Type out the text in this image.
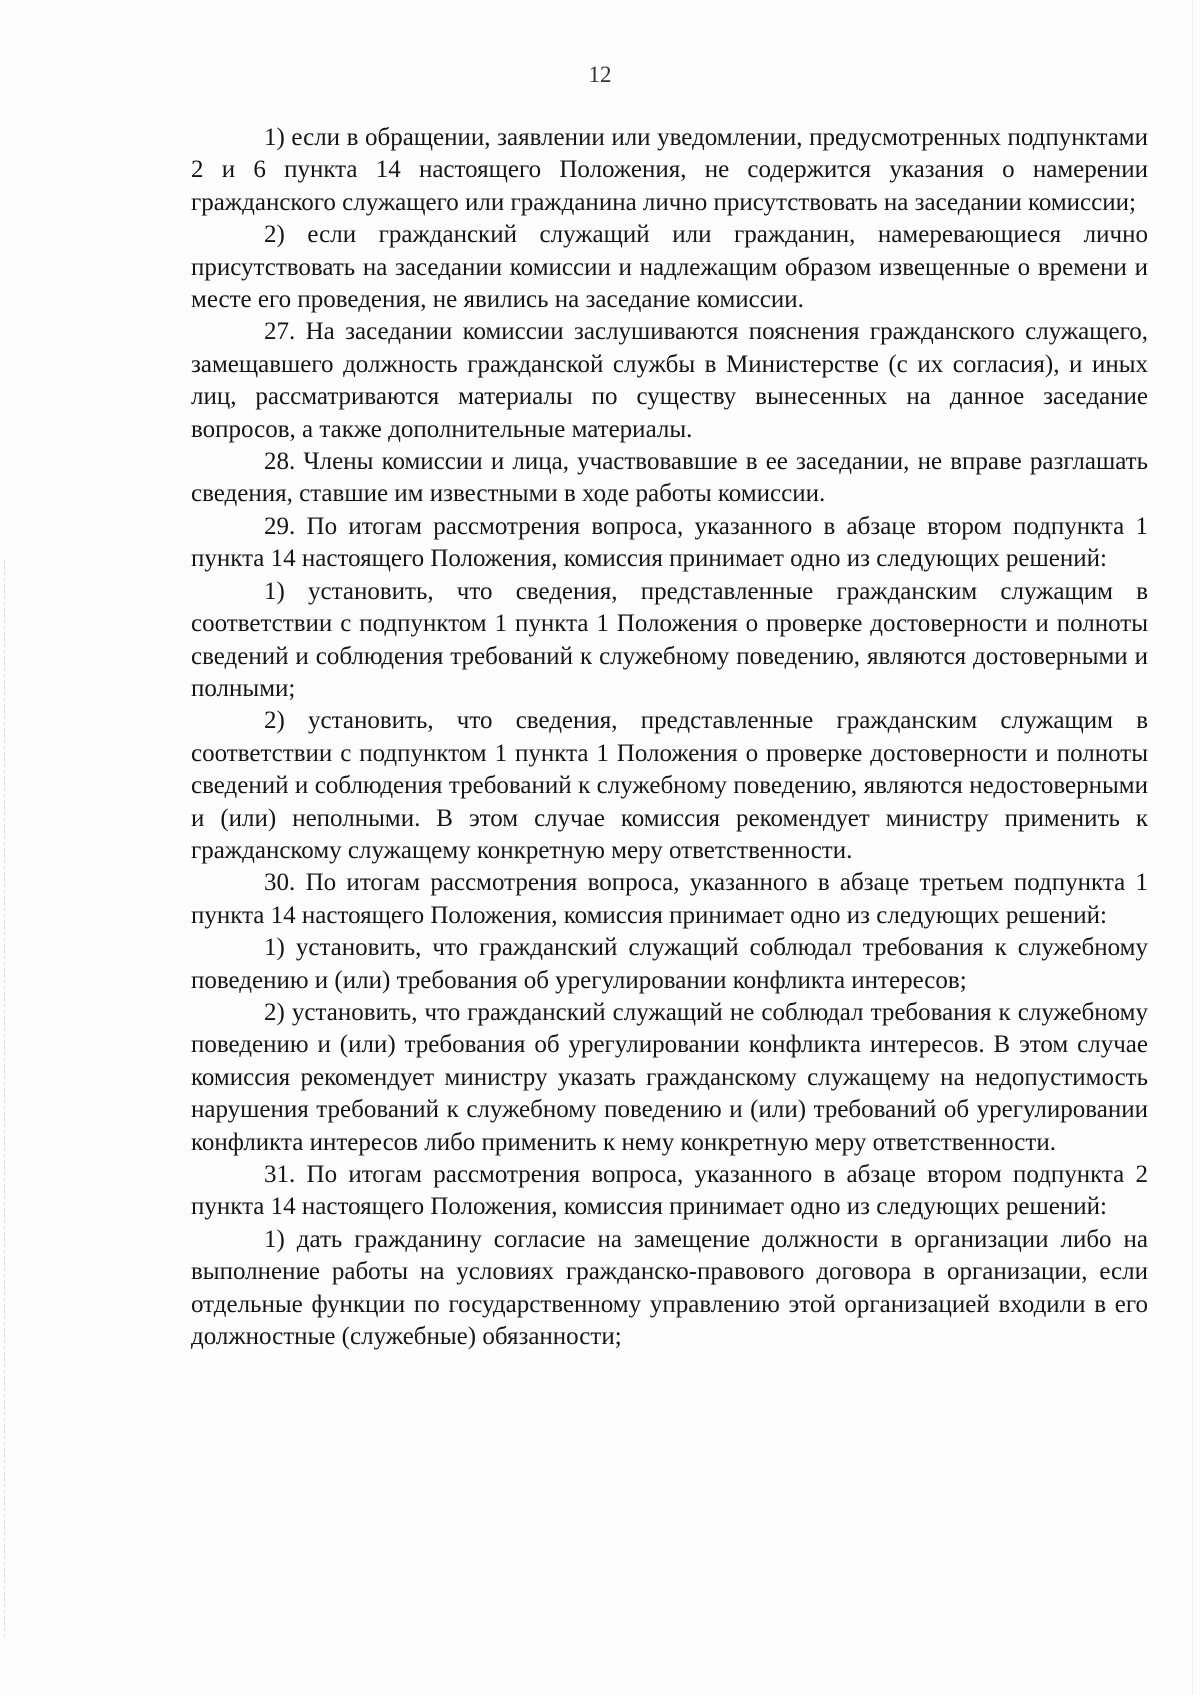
12

1) если в обращении, заявлении или уведомлении, предусмотренных подпунктами 2 и 6 пункта 14 настоящего Положения, не содержится указания о намерении гражданского служащего или гражданина лично присутствовать на заседании комиссии;

2) если гражданский служащий или гражданин, намеревающиеся лично присутствовать на заседании комиссии и надлежащим образом извещенные о времени и месте его проведения, не явились на заседание комиссии.

27. На заседании комиссии заслушиваются пояснения гражданского служащего, замещавшего должность гражданской службы в Министерстве (с их согласия), и иных лиц, рассматриваются материалы по существу вынесенных на данное заседание вопросов, а также дополнительные материалы.

28. Члены комиссии и лица, участвовавшие в ее заседании, не вправе разглашать сведения, ставшие им известными в ходе работы комиссии.

29. По итогам рассмотрения вопроса, указанного в абзаце втором подпункта 1 пункта 14 настоящего Положения, комиссия принимает одно из следующих решений:

1) установить, что сведения, представленные гражданским служащим в соответствии с подпунктом 1 пункта 1 Положения о проверке достоверности и полноты сведений и соблюдения требований к служебному поведению, являются достоверными и полными;

2) установить, что сведения, представленные гражданским служащим в соответствии с подпунктом 1 пункта 1 Положения о проверке достоверности и полноты сведений и соблюдения требований к служебному поведению, являются недостоверными и (или) неполными. В этом случае комиссия рекомендует министру применить к гражданскому служащему конкретную меру ответственности.

30. По итогам рассмотрения вопроса, указанного в абзаце третьем подпункта 1 пункта 14 настоящего Положения, комиссия принимает одно из следующих решений:

1) установить, что гражданский служащий соблюдал требования к служебному поведению и (или) требования об урегулировании конфликта интересов;

2) установить, что гражданский служащий не соблюдал требования к служебному поведению и (или) требования об урегулировании конфликта интересов. В этом случае комиссия рекомендует министру указать гражданскому служащему на недопустимость нарушения требований к служебному поведению и (или) требований об урегулировании конфликта интересов либо применить к нему конкретную меру ответственности.

31. По итогам рассмотрения вопроса, указанного в абзаце втором подпункта 2 пункта 14 настоящего Положения, комиссия принимает одно из следующих решений:

1) дать гражданину согласие на замещение должности в организации либо на выполнение работы на условиях гражданско-правового договора в организации, если отдельные функции по государственному управлению этой организацией входили в его должностные (служебные) обязанности;
